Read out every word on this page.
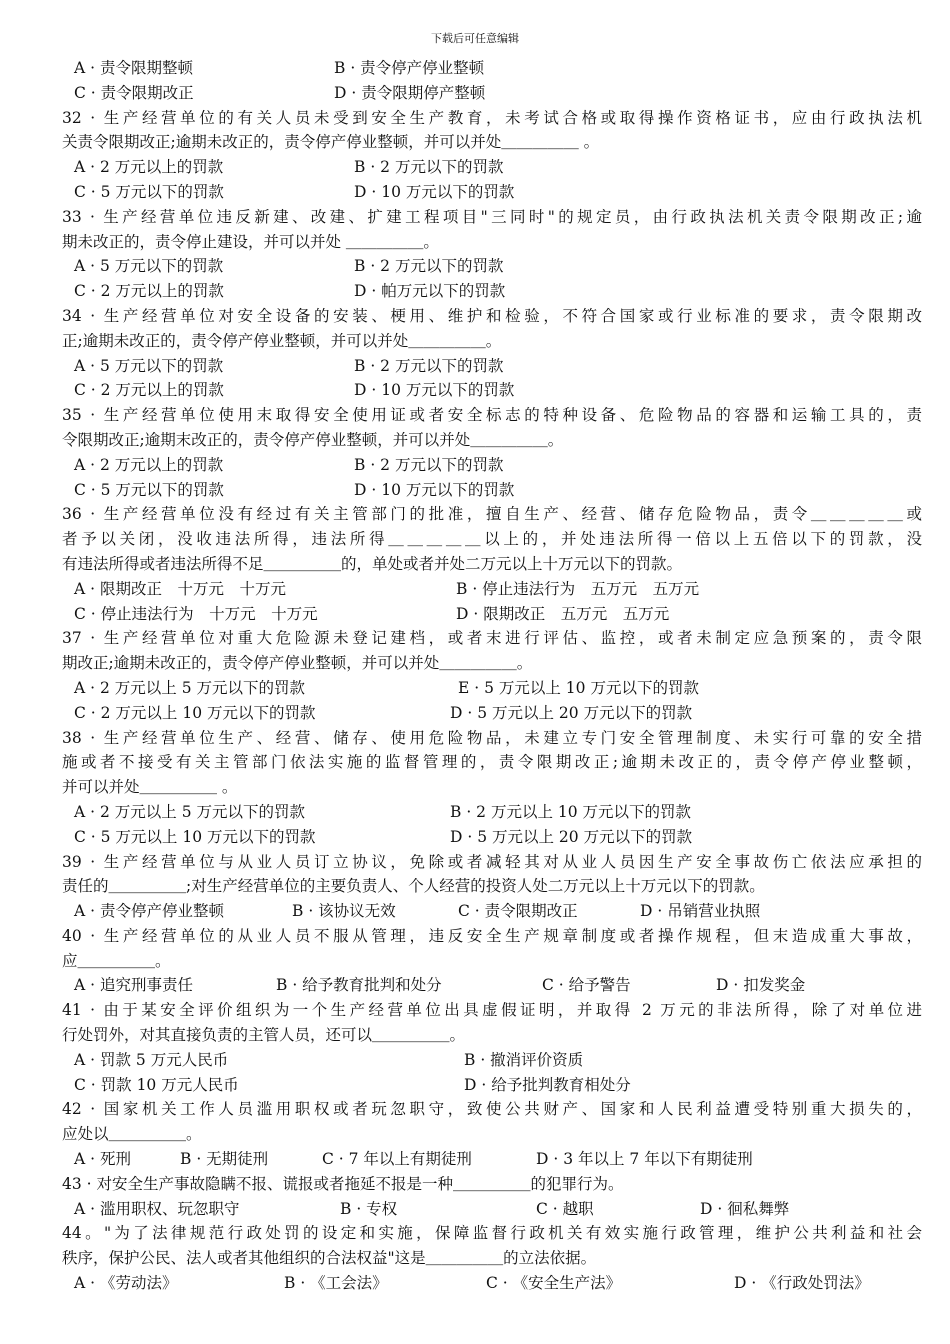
下载后可任意编辑
A · 责令限期整顿	B · 责令停产停业整顿
C · 责令限期改正	D · 责令限期停产整顿
32 · 生产经营单位的有关人员未受到安全生产教育，未考试合格或取得操作资格证书，应由行政执法机
关责令限期改正;逾期未改正的，责令停产停业整顿，并可以并处＿＿＿＿＿ 。
A · 2 万元以上的罚款	B · 2 万元以下的罚款
C · 5 万元以下的罚款	D · 10 万元以下的罚款
33 · 生产经营单位违反新建、改建、扩建工程项目"三同时"的规定员，由行政执法机关责令限期改正;逾
期未改正的，责令停止建设，并可以并处 ＿＿＿＿＿。
A · 5 万元以下的罚款	B · 2 万元以下的罚款
C · 2 万元以上的罚款	D · 帕万元以下的罚款
34 · 生产经营单位对安全设备的安装、梗用、维护和检验，不符合国家或行业标准的要求，责令限期改
正;逾期未改正的，责令停产停业整顿，并可以并处＿＿＿＿＿。
A · 5 万元以下的罚款	B · 2 万元以下的罚款
C · 2 万元以上的罚款	D · 10 万元以下的罚款
35 · 生产经营单位使用末取得安全使用证或者安全标志的特种设备、危险物品的容器和运输工具的，责
令限期改正;逾期末改正的，责令停产停业整顿，并可以并处＿＿＿＿＿。
A · 2 万元以上的罚款	B · 2 万元以下的罚款
C · 5 万元以下的罚款	D · 10 万元以下的罚款
36 · 生产经营单位没有经过有关主管部门的批准，擅自生产、经营、储存危险物品，责令＿＿＿＿＿或
者予以关闭，没收违法所得，违法所得＿＿＿＿＿以上的，并处违法所得一倍以上五倍以下的罚款，没
有违法所得或者违法所得不足＿＿＿＿＿的，单处或者并处二万元以上十万元以下的罚款。
A · 限期改正　十万元　十万元	B · 停止违法行为　五万元　五万元
C · 停止违法行为　十万元　十万元	D · 限期改正　五万元　五万元
37 · 生产经营单位对重大危险源未登记建档，或者末进行评估、监控，或者未制定应急预案的，责令限
期改正;逾期未改正的，责令停产停业整顿，并可以并处＿＿＿＿＿。
A · 2 万元以上 5 万元以下的罚款	E · 5 万元以上 10 万元以下的罚款
C · 2 万元以上 10 万元以下的罚款	D · 5 万元以上 20 万元以下的罚款
38 · 生产经营单位生产、经营、储存、使用危险物品，未建立专门安全管理制度、未实行可靠的安全措
施或者不接受有关主管部门依法实施的监督管理的，责令限期改正;逾期未改正的，责令停产停业整顿，
并可以并处＿＿＿＿＿ 。
A · 2 万元以上 5 万元以下的罚款	B · 2 万元以上 10 万元以下的罚款
C · 5 万元以上 10 万元以下的罚款	D · 5 万元以上 20 万元以下的罚款
39 · 生产经营单位与从业人员订立协议，免除或者减轻其对从业人员因生产安全事故伤亡依法应承担的
责任的＿＿＿＿＿;对生产经营单位的主要负责人、个人经营的投资人处二万元以上十万元以下的罚款。
A · 责令停产停业整顿	B · 该协议无效	C · 责令限期改正	D · 吊销营业执照
40 · 生产经营单位的从业人员不服从管理，违反安全生产规章制度或者操作规程，但末造成重大事故，
应＿＿＿＿＿。
A · 追究刑事责任	B · 给予教育批判和处分	C · 给予警告	D · 扣发奖金
41 · 由于某安全评价组织为一个生产经营单位出具虚假证明，并取得 2 万元的非法所得，除了对单位进
行处罚外，对其直接负责的主管人员，还可以＿＿＿＿＿。
A · 罚款 5 万元人民币	B · 撤消评价资质
C · 罚款 10 万元人民币	D · 给予批判教育相处分
42 · 国家机关工作人员滥用职权或者玩忽职守，致使公共财产、国家和人民利益遭受特别重大损失的，
应处以＿＿＿＿＿。
A · 死刑	B · 无期徒刑	C · 7 年以上有期徒刑	D · 3 年以上 7 年以下有期徒刑
43 · 对安全生产事故隐瞒不报、谎报或者拖延不报是一种＿＿＿＿＿的犯罪行为。
A · 滥用职权、玩忽职守	B · 专权	C · 越职	D · 徊私舞弊
44。"为了法律规范行政处罚的设定和实施，保障监督行政机关有效实施行政管理，维护公共利益和社会
秩序，保护公民、法人或者其他组织的合法权益"这是＿＿＿＿＿的立法依据。
A · 《劳动法》	B · 《工会法》	C · 《安全生产法》	D · 《行政处罚法》
